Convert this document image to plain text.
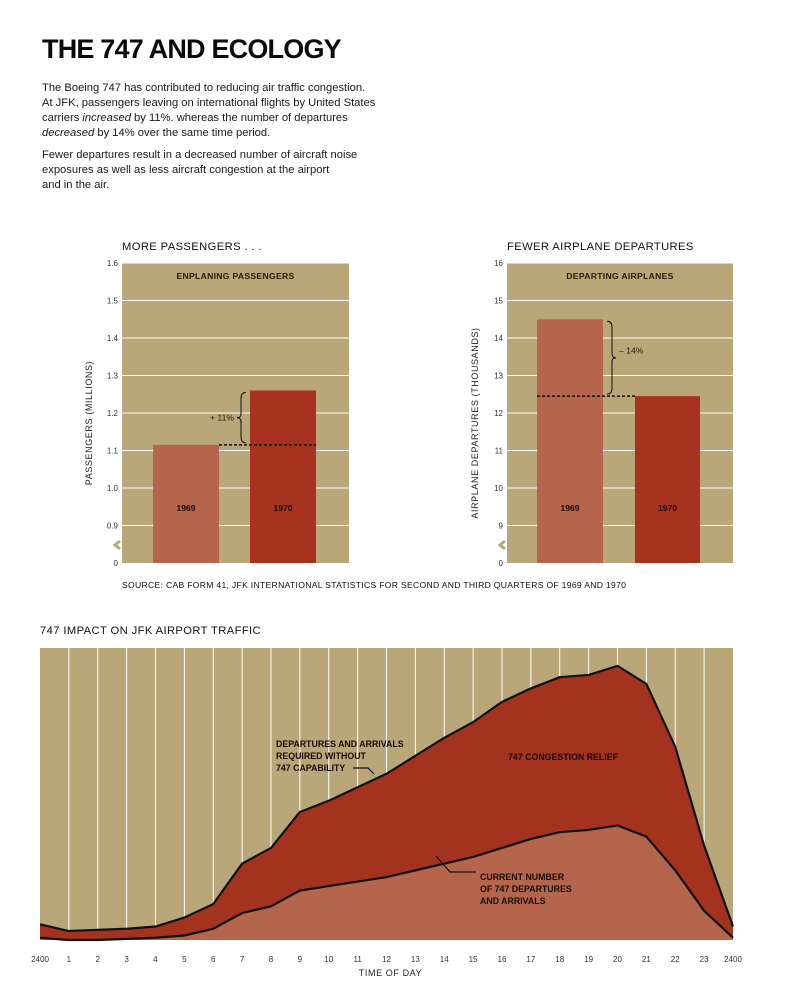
THE 747 AND ECOLOGY
The Boeing 747 has contributed to reducing air traffic congestion.
At JFK, passengers leaving on international flights by United States
carriers increased by 11%. whereas the number of departures
decreased by 14% over the same time period.
Fewer departures result in a decreased number of aircraft noise
exposures as well as less aircraft congestion at the airport
and in the air.
MORE PASSENGERS . . .	FEWER AIRPLANE DEPARTURES
SOURCE: CAB FORM 41, JFK INTERNATIONAL STATISTICS FOR SECOND AND THIRD QUARTERS OF 1969 AND 1970
747 IMPACT ON JFK AIRPORT TRAFFIC
0
0.9
1.0
1.1
1.2
1.3
1.4
1.5
1.6
ENPLANING PASSENGERS
PASSENGERS (MILLIONS)
1969	1970
+ 11%
0
9
10
11
12
13
14
15
16
DEPARTING AIRPLANES
AIRPLANE DEPARTURES (THOUSANDS)	1969	1970
– 14%
2400 1	2	3	4	5	6	7	8	9	10	11	12 13 14 15 16 17 18 19 20 21 22 23 2400
TIME OF DAY
DEPARTURES AND ARRIVALS
REQUIRED WITHOUT
747 CAPABILITY
747 CONGESTION RELIEF
CURRENT NUMBER
OF 747 DEPARTURES
AND ARRIVALS
